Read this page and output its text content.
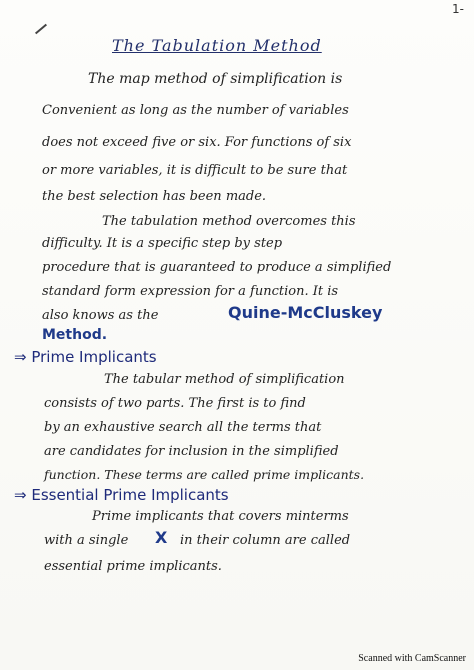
1-
The Tabulation Method
The map method of simplification is
Convenient as long as the number of variables
does not exceed five or six. For functions of six
or more variables, it is difficult to be sure that
the best selection has been made.
The tabulation method overcomes this
difficulty. It is a specific step by step
procedure that is guaranteed to produce a simplified
standard form expression for a function. It is
also knows as the	Quine-McCluskey
Method.
⇒ Prime Implicants
The tabular method of simplification
consists of two parts. The first is to find
by an exhaustive search all the terms that
are candidates for inclusion in the simplified
function. These terms are called prime implicants.
⇒ Essential Prime Implicants
Prime implicants that covers minterms
with a single X in their column are called
essential prime implicants.
Scanned with CamScanner
